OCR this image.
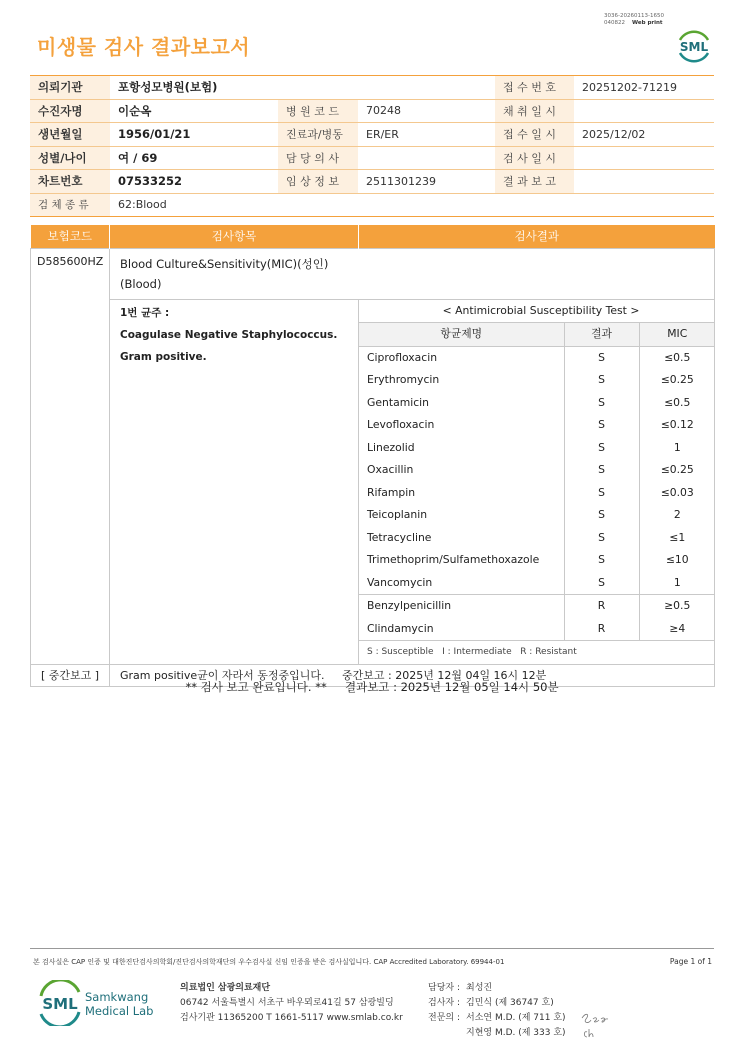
3036-20260113-1650
040822 Web print
미생물 검사 결과보고서	SML
의뢰기관	포항성모병원(보험)			접 수 번 호	20251202-71219
수진자명	이순옥	병 원 코 드	70248	채 취 일 시	
생년월일	1956/01/21	진료과/병동	ER/ER	접 수 일 시	2025/12/02
성별/나이	여 / 69	담 당 의 사		검 사 일 시	
차트번호	07533252	임 상 정 보	2511301239	결 과 보 고	
검 체 종 류	62:Blood				
보험코드	검사항목	검사결과
D585600HZ	Blood Culture&Sensitivity(MIC)(성인)
(Blood)

1번 균주 :
Coagulase Negative Staphylococcus.
Gram positive.

< Antimicrobial Susceptibility Test >
항균제명	결과	MIC
Ciprofloxacin	S	≤0.5
Erythromycin	S	≤0.25
Gentamicin	S	≤0.5
Levofloxacin	S	≤0.12
Linezolid	S	1
Oxacillin	S	≤0.25
Rifampin	S	≤0.03
Teicoplanin	S	2
Tetracycline	S	≤1
Trimethoprim/Sulfamethoxazole	S	≤10
Vancomycin	S	1
Benzylpenicillin	R	≥0.5
Clindamycin	R	≥4
S : Susceptible   I : Intermediate   R : Resistant

[ 중간보고 ]	Gram positive균이 자라서 동정중입니다.     중간보고 : 2025년 12월 04일 16시 12분
** 검사 보고 완료입니다. **     결과보고 : 2025년 12월 05일 14시 50분
본 검사실은 CAP 인증 및 대한진단검사의학회/진단검사의학재단의 우수검사실 신임 인증을 받은 검사실입니다. CAP Accredited Laboratory. 69944-01	Page 1 of 1
SML Samkwang
Medical Lab
의료법인 삼광의료재단
06742 서울특별시 서초구 바우뫼로41길 57 삼광빌딩
검사기관 11365200 T 1661-5117 www.smlab.co.kr
담당자 : 최성진
검사자 : 김민식 (제 36747 호)
전문의 : 서소연 M.D. (제 711 호)
지현영 M.D. (제 333 호)
